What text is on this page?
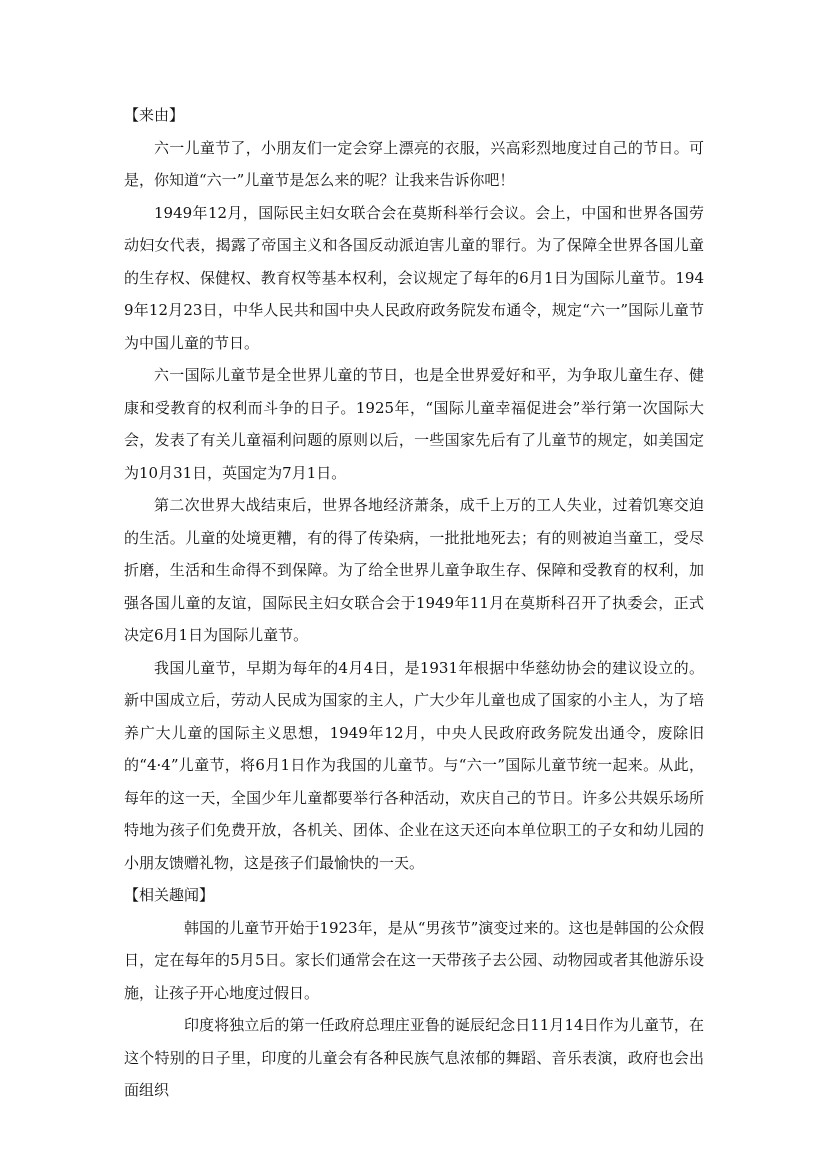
【来由】

六一儿童节了，小朋友们一定会穿上漂亮的衣服，兴高彩烈地度过自己的节日。可是，你知道“六一”儿童节是怎么来的呢？让我来告诉你吧！

1949年12月，国际民主妇女联合会在莫斯科举行会议。会上，中国和世界各国劳动妇女代表，揭露了帝国主义和各国反动派迫害儿童的罪行。为了保障全世界各国儿童的生存权、保健权、教育权等基本权利，会议规定了每年的6月1日为国际儿童节。1949年12月23日，中华人民共和国中央人民政府政务院发布通令，规定“六一”国际儿童节为中国儿童的节日。

六一国际儿童节是全世界儿童的节日，也是全世界爱好和平，为争取儿童生存、健康和受教育的权利而斗争的日子。1925年，“国际儿童幸福促进会”举行第一次国际大会，发表了有关儿童福利问题的原则以后，一些国家先后有了儿童节的规定，如美国定为10月31日，英国定为7月1日。

第二次世界大战结束后，世界各地经济萧条，成千上万的工人失业，过着饥寒交迫的生活。儿童的处境更糟，有的得了传染病，一批批地死去；有的则被迫当童工，受尽折磨，生活和生命得不到保障。为了给全世界儿童争取生存、保障和受教育的权利，加强各国儿童的友谊，国际民主妇女联合会于1949年11月在莫斯科召开了执委会，正式决定6月1日为国际儿童节。

我国儿童节，早期为每年的4月4日，是1931年根据中华慈幼协会的建议设立的。新中国成立后，劳动人民成为国家的主人，广大少年儿童也成了国家的小主人，为了培养广大儿童的国际主义思想，1949年12月，中央人民政府政务院发出通令，废除旧的“4·4”儿童节，将6月1日作为我国的儿童节。与“六一”国际儿童节统一起来。从此，每年的这一天，全国少年儿童都要举行各种活动，欢庆自己的节日。许多公共娱乐场所特地为孩子们免费开放，各机关、团体、企业在这天还向本单位职工的子女和幼儿园的小朋友馈赠礼物，这是孩子们最愉快的一天。

【相关趣闻】

韩国的儿童节开始于1923年，是从“男孩节”演变过来的。这也是韩国的公众假日，定在每年的5月5日。家长们通常会在这一天带孩子去公园、动物园或者其他游乐设施，让孩子开心地度过假日。

印度将独立后的第一任政府总理庄亚鲁的诞辰纪念日11月14日作为儿童节，在这个特别的日子里，印度的儿童会有各种民族气息浓郁的舞蹈、音乐表演，政府也会出面组织
